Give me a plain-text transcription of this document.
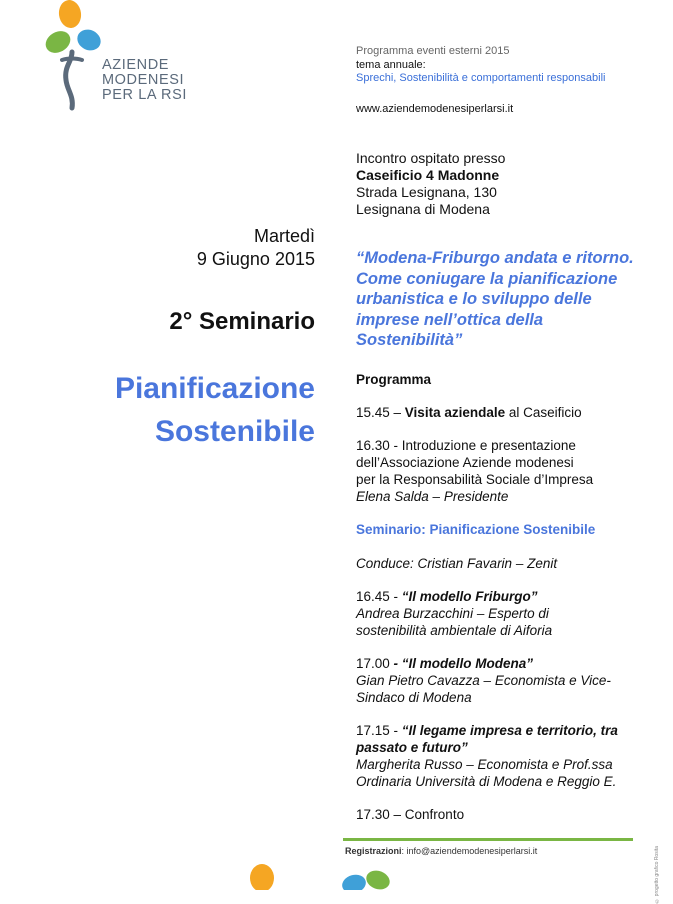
AZIENDE
MODENESI
PER LA RSI
Programma eventi esterni 2015
tema annuale:
Sprechi, Sostenibilità e comportamenti responsabili
www.aziendemodenesiperlarsi.it
Incontro ospitato presso
Caseificio 4 Madonne
Strada Lesignana, 130
Lesignana di Modena
Martedì
9 Giugno 2015
2° Seminario
Pianificazione
Sostenibile
“Modena-Friburgo andata e ritorno. Come coniugare la pianificazione urbanistica e lo sviluppo delle imprese nell’ottica della Sostenibilità”
Programma
15.45 – Visita aziendale al Caseificio
16.30 - Introduzione e presentazione
dell’Associazione Aziende modenesi
per la Responsabilità Sociale d’Impresa
Elena Salda – Presidente
Seminario: Pianificazione Sostenibile
Conduce: Cristian Favarin – Zenit
16.45 - “Il modello Friburgo”
Andrea Burzacchini – Esperto di
sostenibilità ambientale di Aiforia
17.00 - “Il modello Modena”
Gian Pietro Cavazza – Economista e Vice-
Sindaco di Modena
17.15 - “Il legame impresa e territorio, tra
passato e futuro”
Margherita Russo – Economista e Prof.ssa
Ordinaria Università di Modena e Reggio E.
17.30 – Confronto
Registrazioni: info@aziendemodenesiperlarsi.it	© progetto grafico Rosita
